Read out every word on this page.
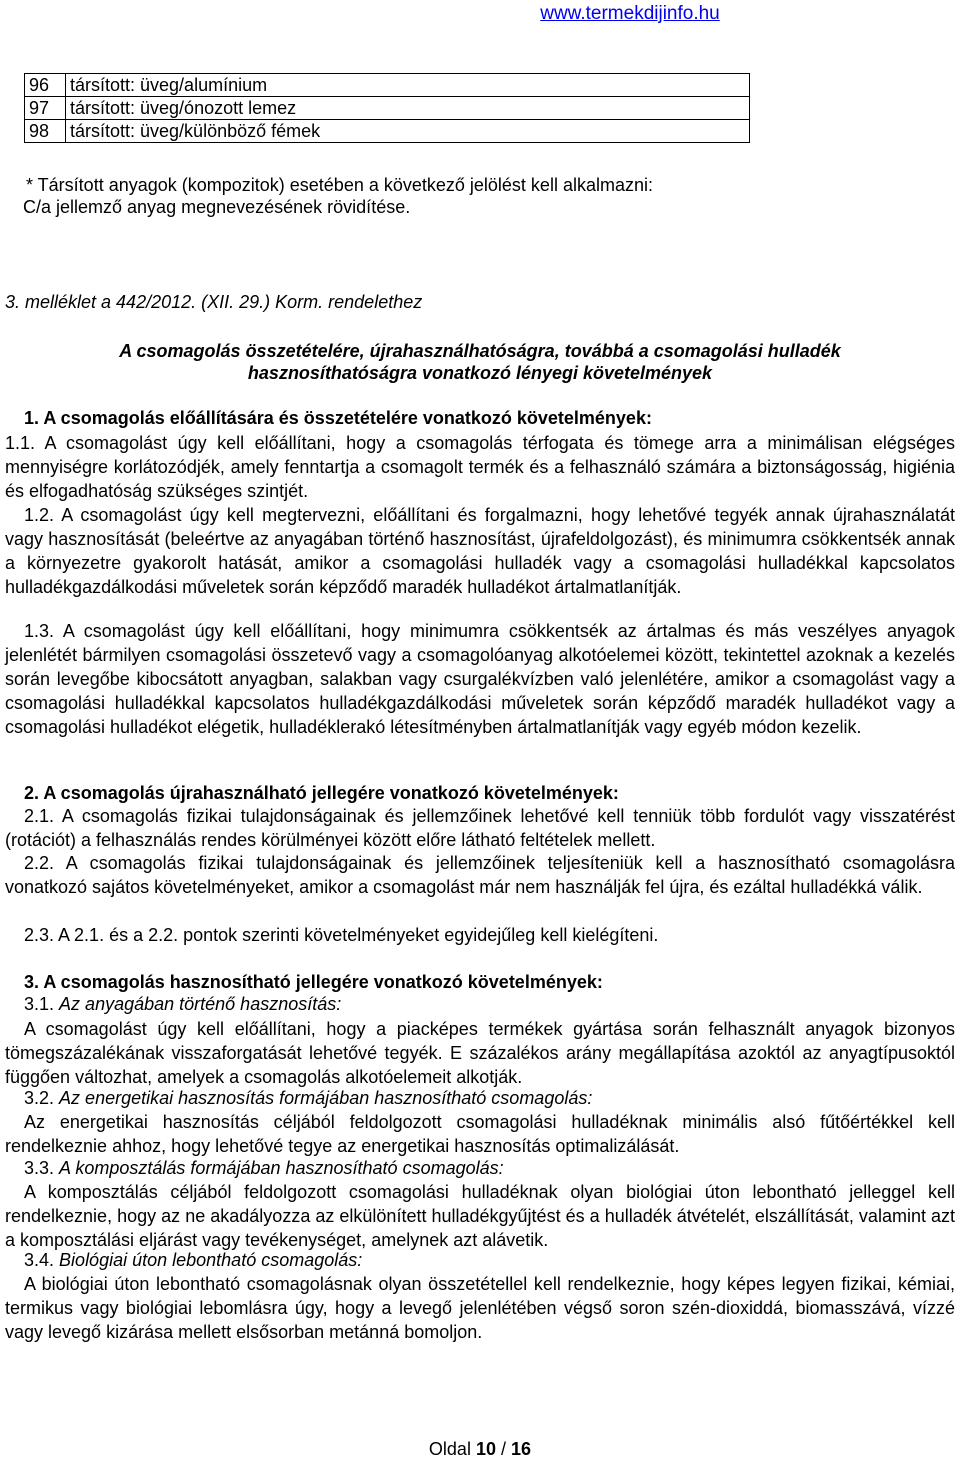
www.termekdijinfo.hu
96	társított: üveg/alumínium
97	társított: üveg/ónozott lemez
98	társított: üveg/különböző fémek
* Társított anyagok (kompozitok) esetében a következő jelölést kell alkalmazni:
C/a jellemző anyag megnevezésének rövidítése.
3. melléklet a 442/2012. (XII. 29.) Korm. rendelethez
A csomagolás összetételére, újrahasználhatóságra, továbbá a csomagolási hulladék
hasznosíthatóságra vonatkozó lényegi követelmények
1. A csomagolás előállítására és összetételére vonatkozó követelmények:
1.1. A csomagolást úgy kell előállítani, hogy a csomagolás térfogata és tömege arra a minimálisan elégséges mennyiségre korlátozódjék, amely fenntartja a csomagolt termék és a felhasználó számára a biztonságosság, higiénia és elfogadhatóság szükséges szintjét.
1.2. A csomagolást úgy kell megtervezni, előállítani és forgalmazni, hogy lehetővé tegyék annak újrahasználatát vagy hasznosítását (beleértve az anyagában történő hasznosítást, újrafeldolgozást), és minimumra csökkentsék annak a környezetre gyakorolt hatását, amikor a csomagolási hulladék vagy a csomagolási hulladékkal kapcsolatos hulladékgazdálkodási műveletek során képződő maradék hulladékot ártalmatlanítják.
1.3. A csomagolást úgy kell előállítani, hogy minimumra csökkentsék az ártalmas és más veszélyes anyagok jelenlétét bármilyen csomagolási összetevő vagy a csomagolóanyag alkotóelemei között, tekintettel azoknak a kezelés során levegőbe kibocsátott anyagban, salakban vagy csurgalékvízben való jelenlétére, amikor a csomagolást vagy a csomagolási hulladékkal kapcsolatos hulladékgazdálkodási műveletek során képződő maradék hulladékot vagy a csomagolási hulladékot elégetik, hulladéklerakó létesítményben ártalmatlanítják vagy egyéb módon kezelik.
2. A csomagolás újrahasználható jellegére vonatkozó követelmények:
2.1. A csomagolás fizikai tulajdonságainak és jellemzőinek lehetővé kell tenniük több fordulót vagy visszatérést (rotációt) a felhasználás rendes körülményei között előre látható feltételek mellett.
2.2. A csomagolás fizikai tulajdonságainak és jellemzőinek teljesíteniük kell a hasznosítható csomagolásra vonatkozó sajátos követelményeket, amikor a csomagolást már nem használják fel újra, és ezáltal hulladékká válik.
2.3. A 2.1. és a 2.2. pontok szerinti követelményeket egyidejűleg kell kielégíteni.
3. A csomagolás hasznosítható jellegére vonatkozó követelmények:
3.1. Az anyagában történő hasznosítás:
A csomagolást úgy kell előállítani, hogy a piacképes termékek gyártása során felhasznált anyagok bizonyos tömegszázalékának visszaforgatását lehetővé tegyék. E százalékos arány megállapítása azoktól az anyagtípusoktól függően változhat, amelyek a csomagolás alkotóelemeit alkotják.
3.2. Az energetikai hasznosítás formájában hasznosítható csomagolás:
Az energetikai hasznosítás céljából feldolgozott csomagolási hulladéknak minimális alsó fűtőértékkel kell rendelkeznie ahhoz, hogy lehetővé tegye az energetikai hasznosítás optimalizálását.
3.3. A komposztálás formájában hasznosítható csomagolás:
A komposztálás céljából feldolgozott csomagolási hulladéknak olyan biológiai úton lebontható jelleggel kell rendelkeznie, hogy az ne akadályozza az elkülönített hulladékgyűjtést és a hulladék átvételét, elszállítását, valamint azt a komposztálási eljárást vagy tevékenységet, amelynek azt alávetik.
3.4. Biológiai úton lebontható csomagolás:
A biológiai úton lebontható csomagolásnak olyan összetétellel kell rendelkeznie, hogy képes legyen fizikai, kémiai, termikus vagy biológiai lebomlásra úgy, hogy a levegő jelenlétében végső soron szén-dioxiddá, biomasszává, vízzé vagy levegő kizárása mellett elsősorban metánná bomoljon.
Oldal 10 / 16
